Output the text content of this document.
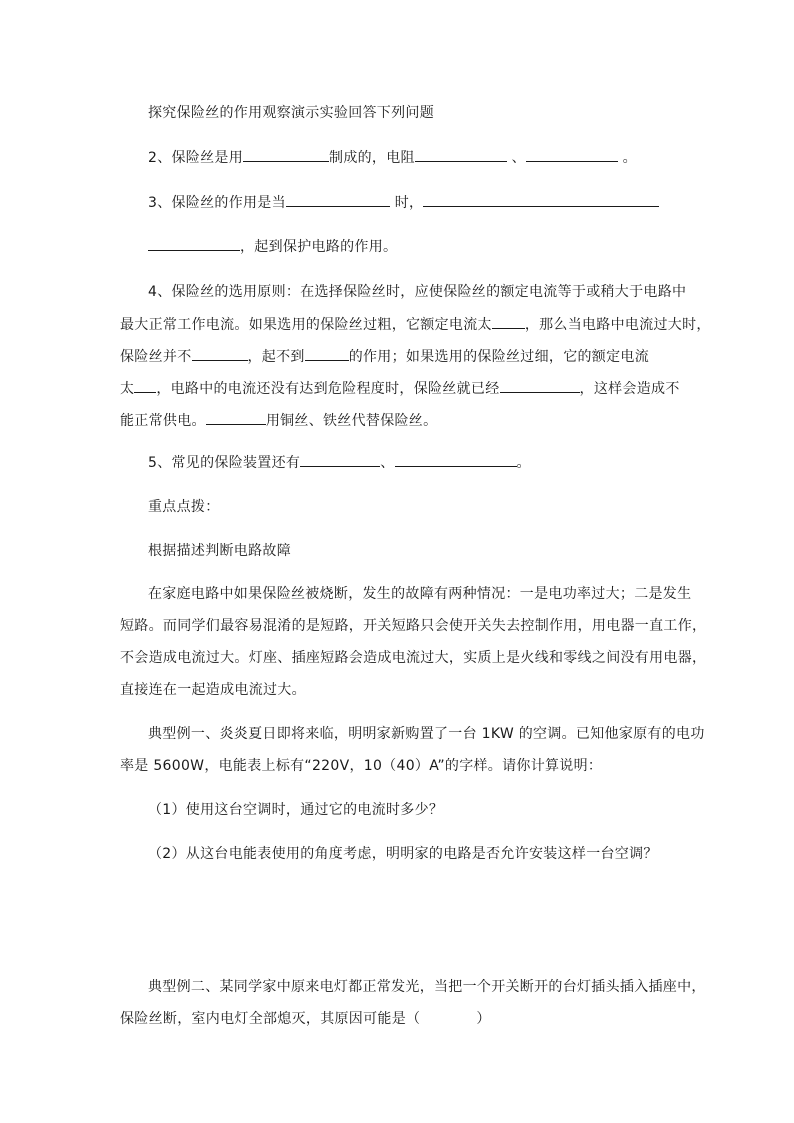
探究保险丝的作用观察演示实验回答下列问题
2、保险丝是用	制成的，电阻	、	。
3、保险丝的作用是当	时，
，起到保护电路的作用。
4、保险丝的选用原则：在选择保险丝时，应使保险丝的额定电流等于或稍大于电路中
最大正常工作电流。如果选用的保险丝过粗，它额定电流太 ，那么当电路中电流过大时，
保险丝并不	，起不到	的作用；如果选用的保险丝过细，它的额定电流
太 ，电路中的电流还没有达到危险程度时，保险丝就已经	，这样会造成不
能正常供电。	用铜丝、铁丝代替保险丝。
5、常见的保险装置还有	、	。
重点点拨：
根据描述判断电路故障
在家庭电路中如果保险丝被烧断，发生的故障有两种情况：一是电功率过大；二是发生
短路。而同学们最容易混淆的是短路，开关短路只会使开关失去控制作用，用电器一直工作，
不会造成电流过大。灯座、插座短路会造成电流过大，实质上是火线和零线之间没有用电器，
直接连在一起造成电流过大。
典型例一、炎炎夏日即将来临，明明家新购置了一台 1KW 的空调。已知他家原有的电功
率是 5600W，电能表上标有“220V，10（40）A”的字样。请你计算说明：
（1）使用这台空调时，通过它的电流时多少？
（2）从这台电能表使用的角度考虑，明明家的电路是否允许安装这样一台空调？
典型例二、某同学家中原来电灯都正常发光，当把一个开关断开的台灯插头插入插座中，
保险丝断，室内电灯全部熄灭，其原因可能是（	）
